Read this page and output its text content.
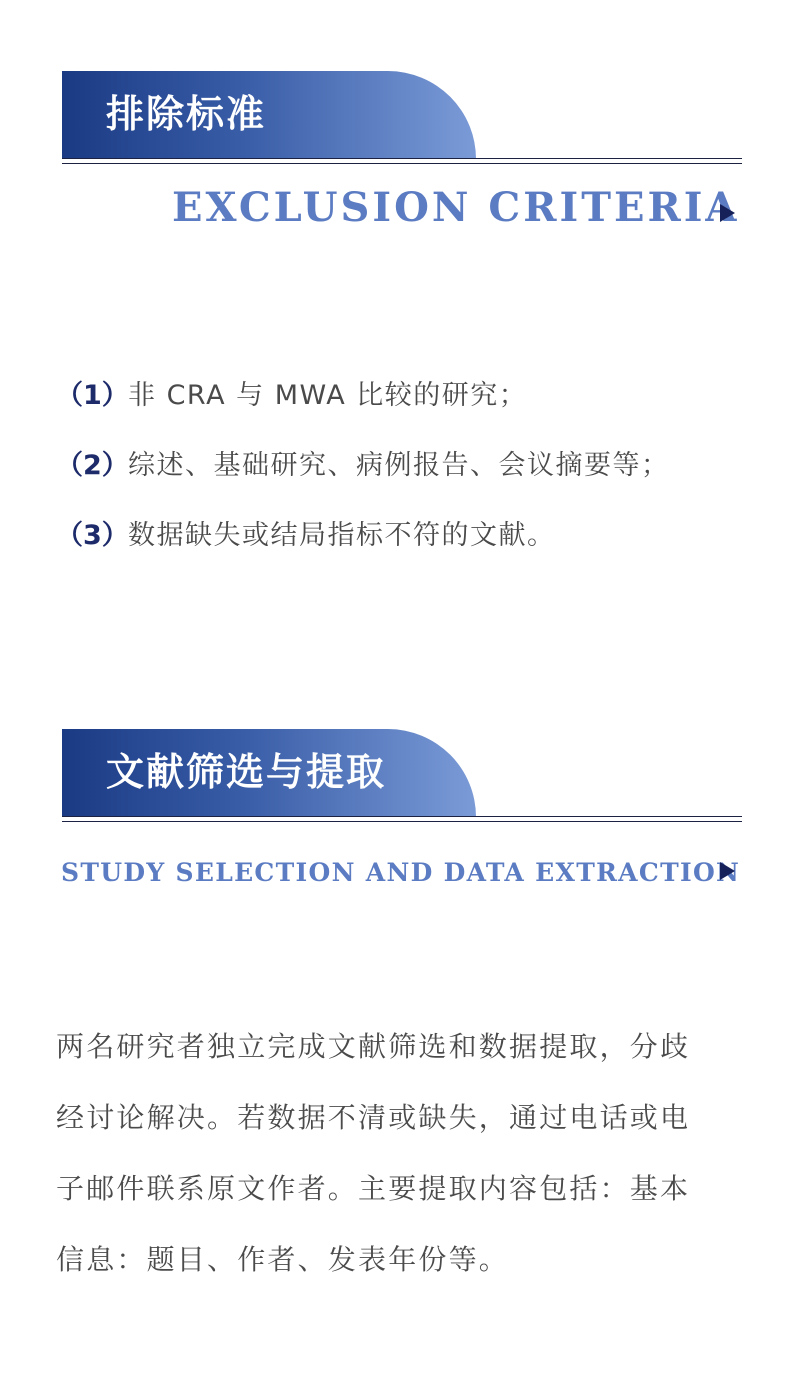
排除标准
EXCLUSION CRITERIA
（1） 非 CRA 与 MWA 比较的研究；
（2） 综述、基础研究、病例报告、会议摘要等；
（3） 数据缺失或结局指标不符的文献。
文献筛选与提取
STUDY SELECTION AND DATA EXTRACTION
两名研究者独立完成文献筛选和数据提取，分歧
经讨论解决。若数据不清或缺失，通过电话或电
子邮件联系原文作者。主要提取内容包括：基本
信息：题目、作者、发表年份等。
